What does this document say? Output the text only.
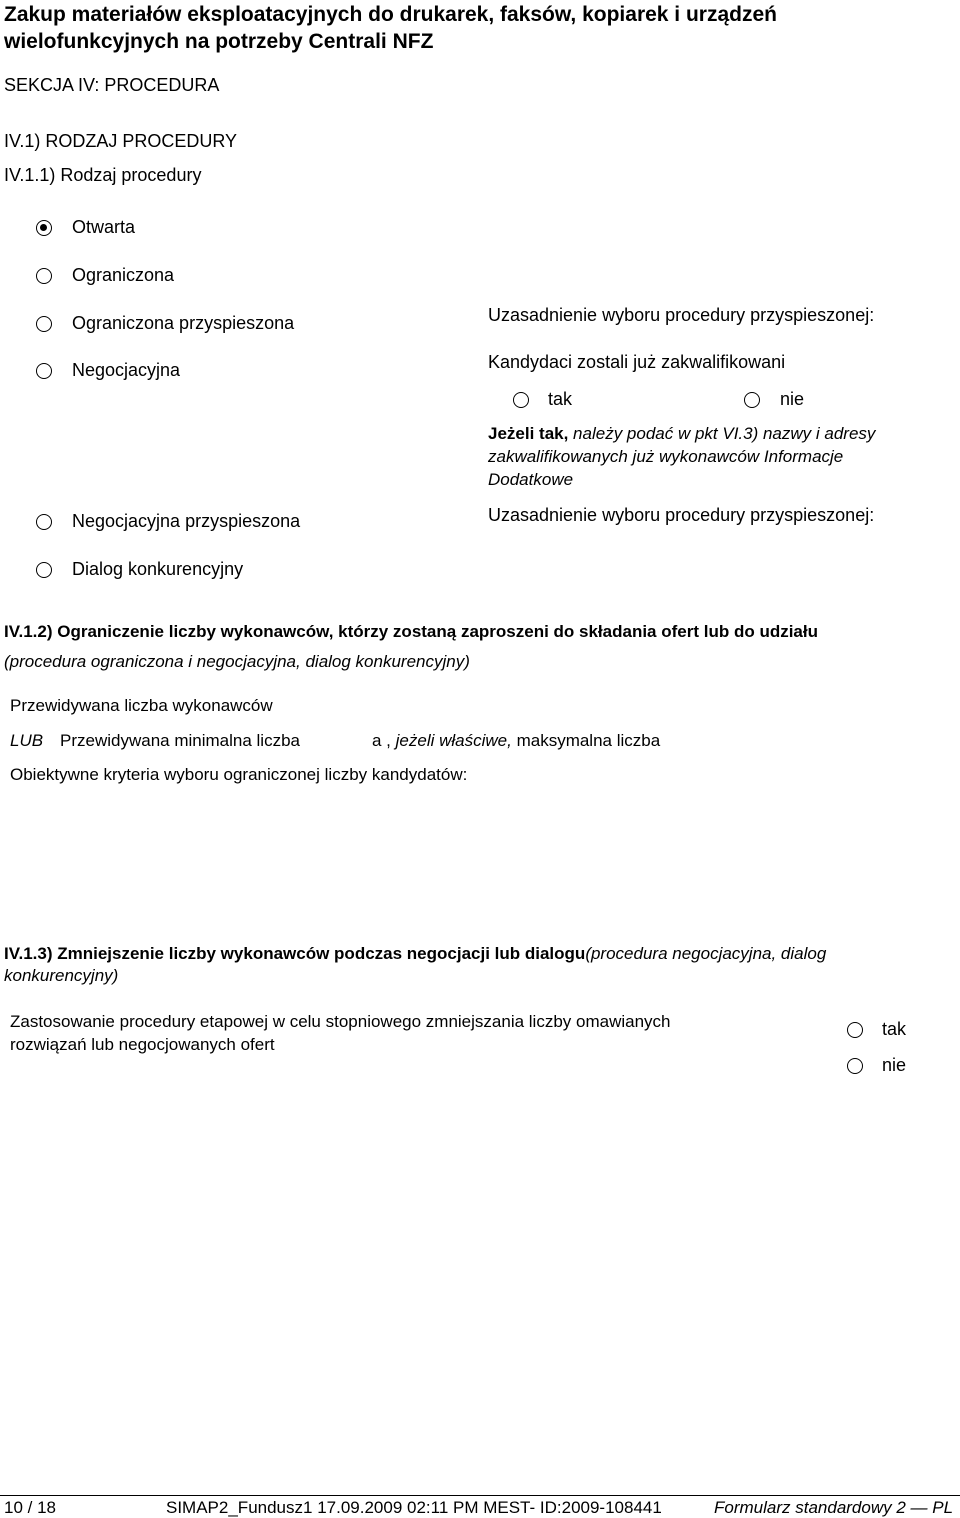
Zakup materiałów eksploatacyjnych do drukarek, faksów, kopiarek i urządzeń
wielofunkcyjnych na potrzeby Centrali NFZ
SEKCJA IV: PROCEDURA
IV.1) RODZAJ PROCEDURY
IV.1.1) Rodzaj procedury
Otwarta
Ograniczona
Ograniczona przyspieszona
Negocjacyjna
Negocjacyjna przyspieszona
Dialog konkurencyjny
Uzasadnienie wyboru procedury przyspieszonej:
Kandydaci zostali już zakwalifikowani
tak	nie
Jeżeli tak, należy podać w pkt VI.3) nazwy i adresy
zakwalifikowanych już wykonawców Informacje
Dodatkowe
Uzasadnienie wyboru procedury przyspieszonej:
IV.1.2) Ograniczenie liczby wykonawców, którzy zostaną zaproszeni do składania ofert lub do udziału
(procedura ograniczona i negocjacyjna, dialog konkurencyjny)
Przewidywana liczba wykonawców
LUB Przewidywana minimalna liczba	a , jeżeli właściwe, maksymalna liczba
Obiektywne kryteria wyboru ograniczonej liczby kandydatów:
IV.1.3) Zmniejszenie liczby wykonawców podczas negocjacji lub dialogu(procedura negocjacyjna, dialog
konkurencyjny)
Zastosowanie procedury etapowej w celu stopniowego zmniejszania liczby omawianych
rozwiązań lub negocjowanych ofert
tak
nie
10 / 18	SIMAP2_Fundusz1 17.09.2009 02:11 PM MEST- ID:2009-108441	Formularz standardowy 2 — PL
